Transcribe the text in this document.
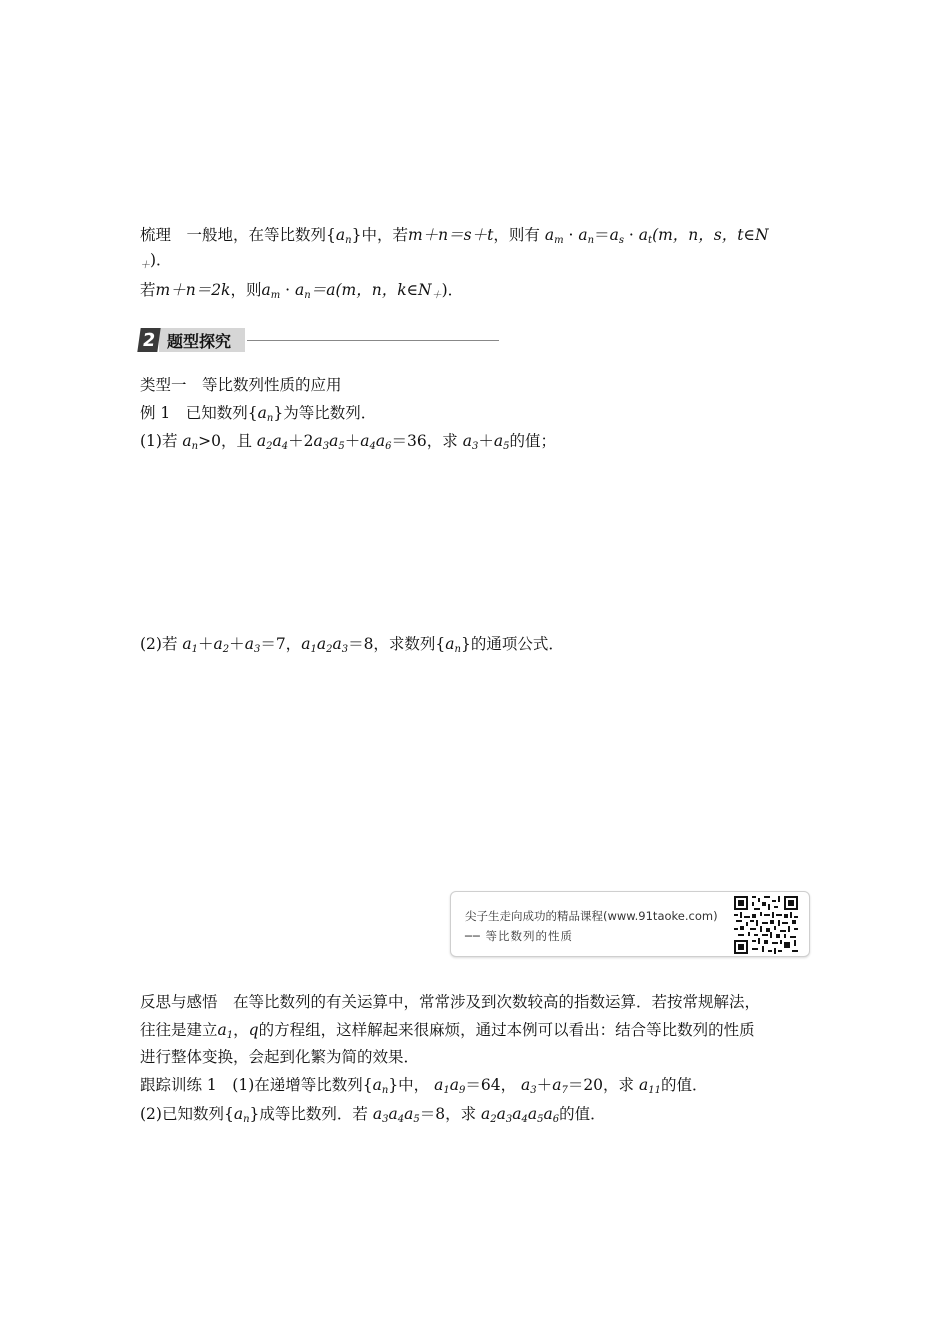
梳理　 一般地，在等比数列$\{a_n\}$中，若m＋n＝s＋t，则有 $a_m \cdot a_n=a_s \cdot a_t(m$，n，s，t∈N
$_+$)．
若m＋n＝2k，则$a_m \cdot a_n=a(m$，n，$k\in N_+$)．
2 题型探究
类型一　等比数列性质的应用
例 1　已知数列$\{a_n\}$为等比数列．
(1)若 $a_n>0$，且 $a_2a_4+2a_3a_5+a_4a_6=36$，求 $a_3+a_5$的值；
(2)若 $a_1+a_2+a_3=7$，$a_1a_2a_3=8$，求数列$\{a_n\}$的通项公式．
尖子生走向成功的精品课程(www.91taoke.com)
── 等比数列的性质
反思与感悟　在等比数列的有关运算中，常常涉及到次数较高的指数运算．若按常规解法，
往往是建立$a_1$，q的方程组，这样解起来很麻烦，通过本例可以看出：结合等比数列的性质
进行整体变换，会起到化繁为简的效果．
跟踪训练 1　(1)在递增等比数列$\{a_n\}$中， $a_1a_9=64$， $a_3+a_7=20$，求 $a_{11}$的值．
(2)已知数列$\{a_n\}$成等比数列．若 $a_3a_4a_5=8$，求 $a_2a_3a_4a_5a_6$的值．
